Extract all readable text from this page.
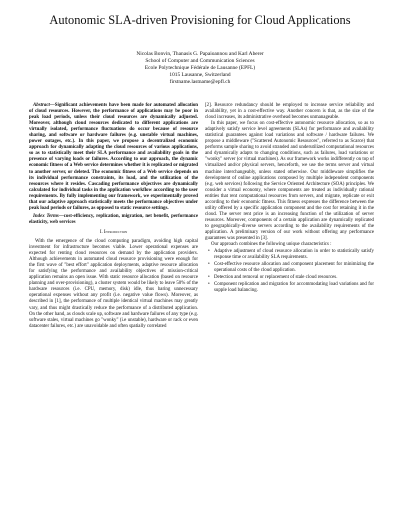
Autonomic SLA-driven Provisioning for Cloud Applications
Nicolas Bonvin, Thanasis G. Papaioannou and Karl Aberer
School of Computer and Communication Sciences
Ecole Polytechnique Fédérale de Lausanne (EPFL)
1015 Lausanne, Switzerland
firstname.lastname@epfl.ch

Abstract—Significant achievements have been made for automated allocation of cloud resources. However, the performance of applications may be poor in peak load periods, unless their cloud resources are dynamically adjusted. Moreover, although cloud resources dedicated to different applications are virtually isolated, performance fluctuations do occur because of resource sharing, and software or hardware failures (e.g. unstable virtual machines, power outages, etc.). In this paper, we propose a decentralized economic approach for dynamically adapting the cloud resources of various applications, so as to statistically meet their SLA performance and availability goals in the presence of varying loads or failures. According to our approach, the dynamic economic fitness of a Web service determines whether it is replicated or migrated to another server, or deleted. The economic fitness of a Web service depends on its individual performance constraints, its load, and the utilization of the resources where it resides. Cascading performance objectives are dynamically calculated for individual tasks in the application workflow according to the user requirements. By fully implementing our framework, we experimentally proved that our adaptive approach statistically meets the performance objectives under peak load periods or failures, as opposed to static resource settings.

Index Terms—cost-efficiency, replication, migration, net benefit, performance elasticity, web services

I. Introduction

With the emergence of the cloud computing paradigm, avoiding high capital investment for infrastructure becomes viable. Lower operational expenses are expected for renting cloud resources on demand by the application providers. Although achievements in automated cloud resource provisioning were enough for the first wave of "best effort" application deployments, adaptive resource allocation for satisfying the performance and availability objectives of mission-critical application remains an open issue. With static resource allocation (based on resource planning and over-provisioning), a cluster system would be likely to leave 50% of the hardware resources (i.e. CPU, memory, disk) idle, thus baring unnecessary operational expenses without any profit (i.e. negative value flows). Moreover, as described in [1], the performance of multiple identical virtual machines may greatly vary, and thus might drastically reduce the performance of a distributed application. On the other hand, as clouds scale up, software and hardware failures of any type (e.g. software stales, virtual machines go "wonky" (i.e unstable), hardware or rack or even datacenter failures, etc.) are unavoidable and often spatially correlated

[2]. Resource redundancy should be employed to increase service reliability and availability, yet in a cost-effective way. Another concern is that, as the size of the cloud increases, its administrative overhead becomes unmanageable.

In this paper, we focus on cost-effective autonomic resource allocation, so as to adaptively satisfy service level agreements (SLAs) for performance and availability statistical guarantees against load variations and software / hardware failures. We propose a middleware ("Scattered Autonomic Resources", referred to as Scarce) that performs sample sharing to avoid stranded and underutilized computational resources and dynamically adapts to changing conditions, such as failures, load variations or "wonky" server (or virtual machines). As our framework works indifferently on top of virtualized and/or physical servers, henceforth, we use the terms server and virtual machine interchangeably, unless stated otherwise. Our middleware simplifies the development of online applications composed by multiple independent components (e.g. web services) following the Service Oriented Architecture (SOA) principles. We consider a virtual economy, where components are treated as individually rational entities that rent computational resources from servers, and migrate, replicate or exit according to their economic fitness. This fitness expresses the difference between the utility offered by a specific application component and the cost for retaining it in the cloud. The server rent price is an increasing function of the utilization of server resources. Moreover, components of a certain application are dynamically replicated to geographically-diverse servers according to the availability requirements of the application. A preliminary version of our work without offering any performance guarantees was presented in [3].

Our approach combines the following unique characteristics :

• Adaptive adjustment of cloud resource allocation in order to statistically satisfy response time or availability SLA requirements.
• Cost-effective resource allocation and component placement for minimizing the operational costs of the cloud application.
• Detection and removal or replacement of stale cloud resources.
• Component replication and migration for accommodating load variations and for supple load balancing.
